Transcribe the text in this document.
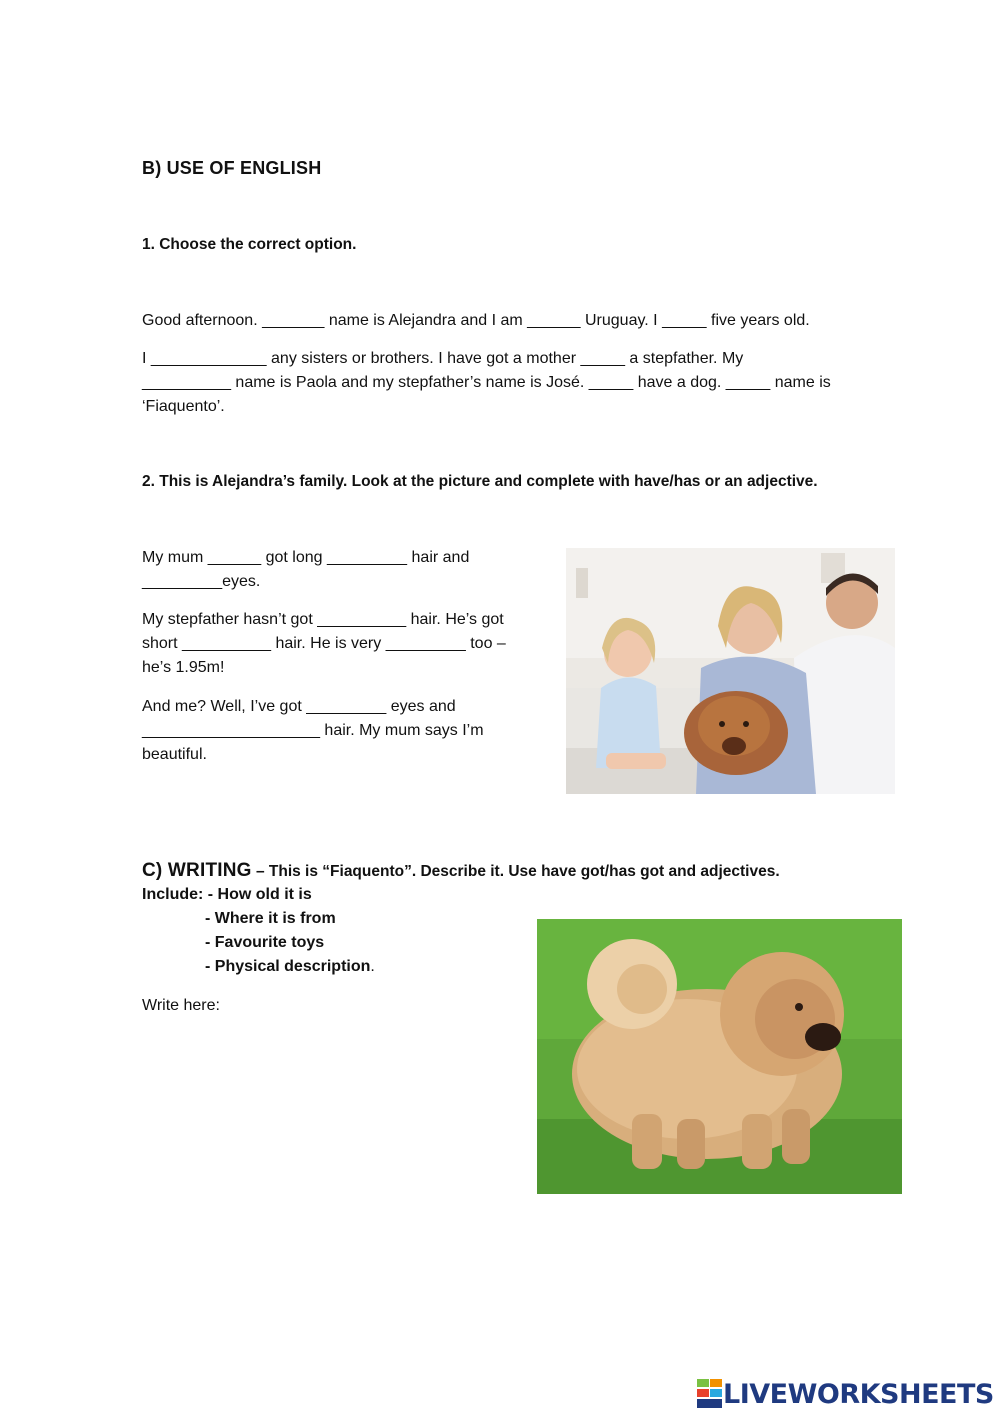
B) USE OF ENGLISH
1. Choose the correct option.
Good afternoon. _______ name is Alejandra and I am ______ Uruguay. I _____ five years old.

I _____________ any sisters or brothers. I have got a mother _____ a stepfather. My

__________ name is Paola and my stepfather’s name is José. _____ have a dog. _____ name is

‘Fiaquento’.

2. This is Alejandra’s family. Look at the picture and complete with have/has or an adjective.

My mum ______ got long _________ hair and

_________eyes.

My stepfather hasn’t got __________ hair. He’s got

short __________ hair. He is very _________ too –

he’s 1.95m!

And me? Well, I’ve got _________ eyes and

____________________ hair. My mum says I’m

beautiful.

C) WRITING – This is “Fiaquento”. Describe it. Use have got/has got and adjectives.
Include: - How old it is
- Where it is from
- Favourite toys
- Physical description.
Write here:
LIVEWORKSHEETS
